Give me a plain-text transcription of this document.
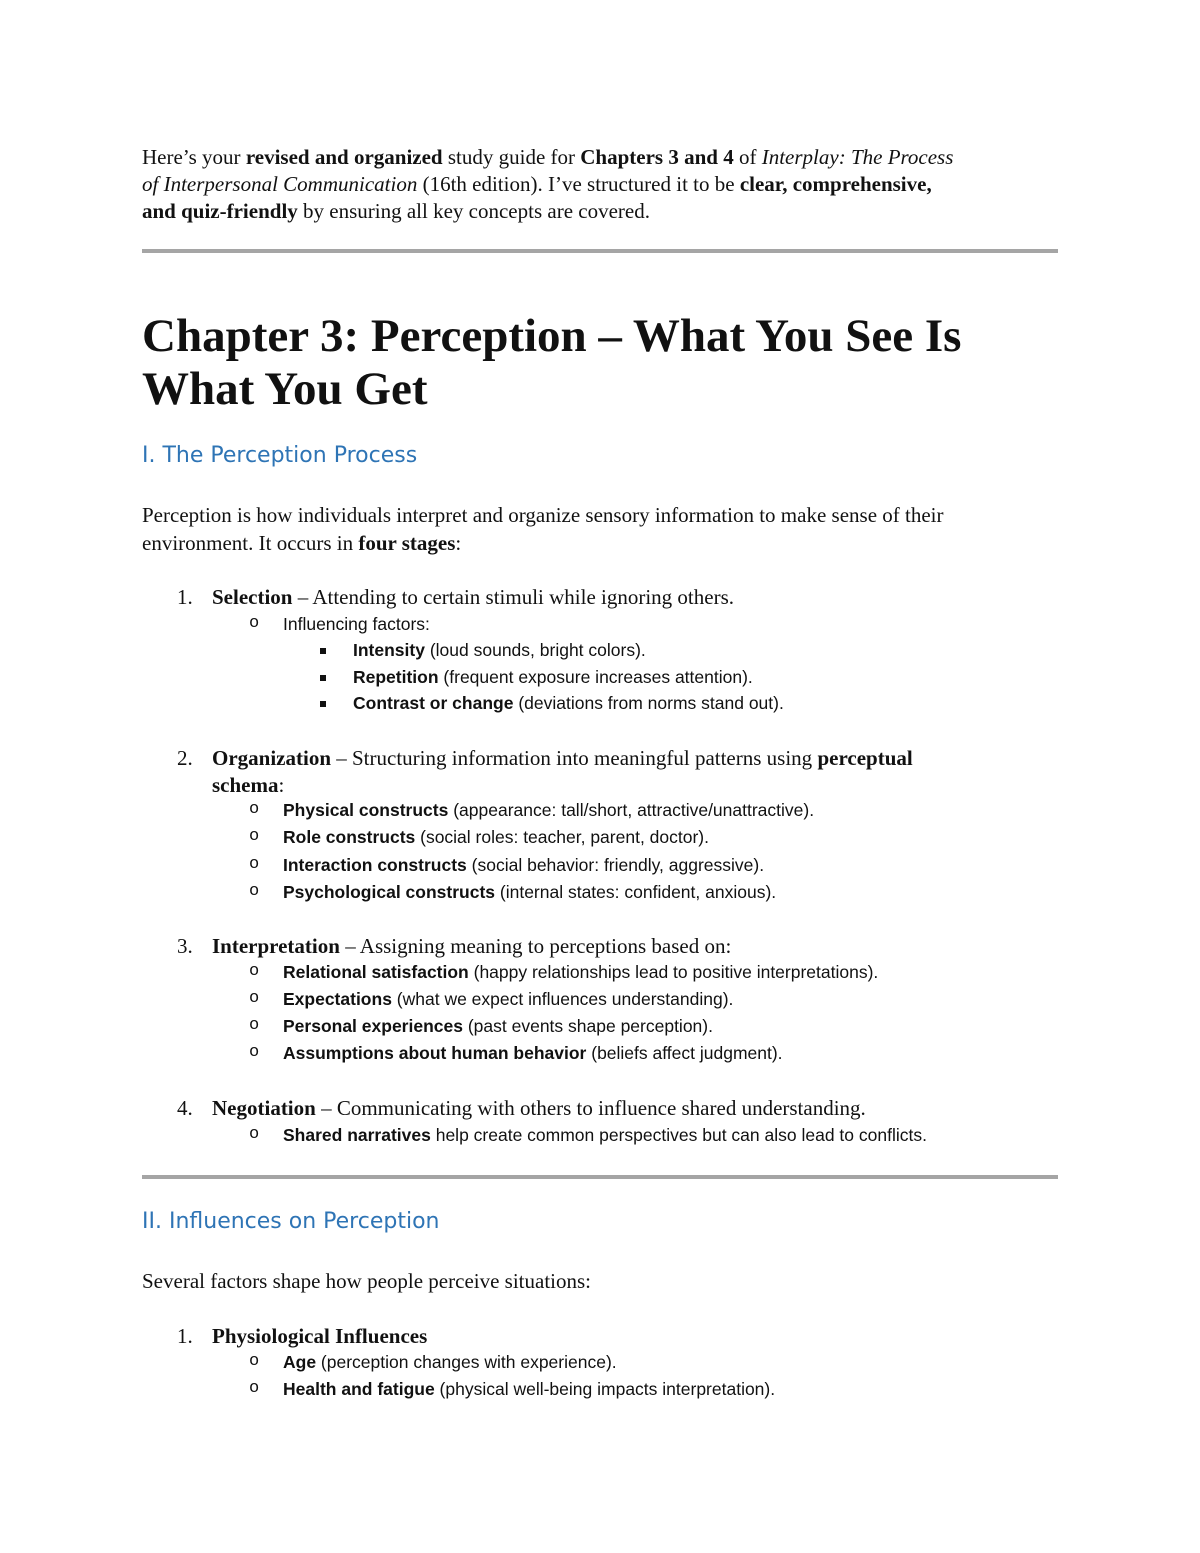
Here’s your revised and organized study guide for Chapters 3 and 4 of Interplay: The Process
of Interpersonal Communication (16th edition). I’ve structured it to be clear, comprehensive,
and quiz-friendly by ensuring all key concepts are covered.
Chapter 3: Perception – What You See Is
What You Get
I. The Perception Process
Perception is how individuals interpret and organize sensory information to make sense of their
environment. It occurs in four stages:
1. Selection – Attending to certain stimuli while ignoring others.
o Influencing factors:
Intensity (loud sounds, bright colors).
Repetition (frequent exposure increases attention).
Contrast or change (deviations from norms stand out).
2. Organization – Structuring information into meaningful patterns using perceptual
schema:
o Physical constructs (appearance: tall/short, attractive/unattractive).
o Role constructs (social roles: teacher, parent, doctor).
o Interaction constructs (social behavior: friendly, aggressive).
o Psychological constructs (internal states: confident, anxious).
3. Interpretation – Assigning meaning to perceptions based on:
o Relational satisfaction (happy relationships lead to positive interpretations).
o Expectations (what we expect influences understanding).
o Personal experiences (past events shape perception).
o Assumptions about human behavior (beliefs affect judgment).
4. Negotiation – Communicating with others to influence shared understanding.
o Shared narratives help create common perspectives but can also lead to conflicts.
II. Influences on Perception
Several factors shape how people perceive situations:
1. Physiological Influences
o Age (perception changes with experience).
o Health and fatigue (physical well-being impacts interpretation).
